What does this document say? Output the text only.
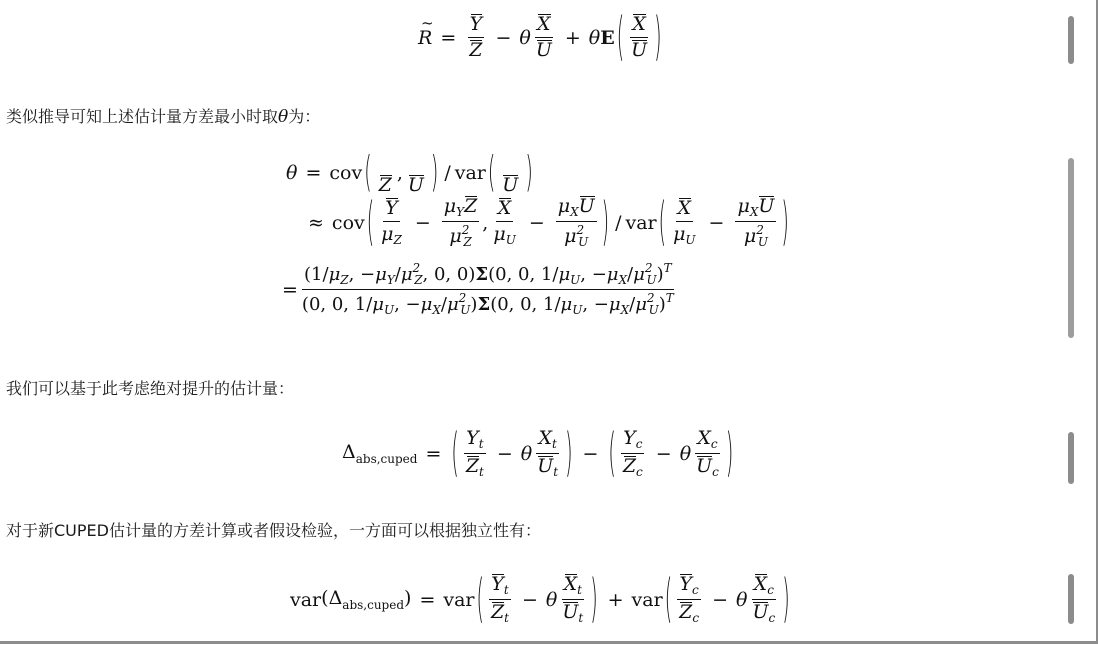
~ $R = \frac{Y}{Z} - \theta \frac{X}{U} + \theta$ E ( $\frac{X}{U}$ )
类似推导可知上述估计量方差最小时取θ为：
θ = cov (
Z
,

U ) / var (
U )
≈ cov ( $\frac{Y}{\mu_Z} - \frac{\mu_YZ}{\mu^2_Z}$ , $\frac{X}{\mu_U} - \frac{\mu_XU}{\mu^2_U}$ ) / var ( $\frac{X}{\mu_U} - \frac{\mu_XU}{\mu^2_U}$ )
= $\frac{(1/\mu_Z, -\mu_Y/\mu^2_Z, 0, 0)\Sigma(0, 0, 1/\mu_U, -\mu_X/\mu^2_U)^T}{(0, 0, 1/\mu_U, -\mu_X/\mu^2_U)\Sigma(0, 0, 1/\mu_U, -\mu_X/\mu^2_U)^T}$
我们可以基于此考虑绝对提升的估计量：
$\Delta_{abs,cuped}$ = ( $\frac{Y_t}{Z_t} - \theta \frac{X_t}{U_t}$ ) − ( $\frac{Y_c}{Z_c} - \theta \frac{X_c}{U_c}$ )
对于新CUPED估计量的方差计算或者假设检验，一方面可以根据独立性有：
var $(\Delta_{abs,cuped})$ = var ( $\frac{Y_t}{Z_t} - \theta \frac{X_t}{U_t}$ ) + var ( $\frac{Y_c}{Z_c} - \theta \frac{X_c}{U_c}$ )
